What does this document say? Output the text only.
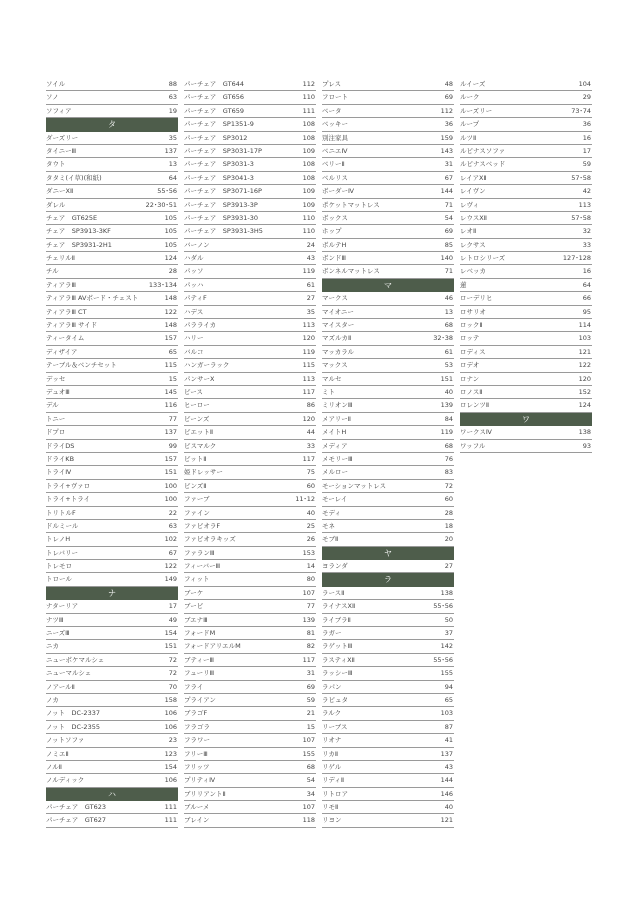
ソイル	88
ソノ	63
ソフィア	19
タ
ダーズリー	35
タイニーⅢ	137
タウト	13
タタミ(イ草)(和紙)	64
ダニーXⅡ	55･56
ダレル	22･30･51
チェア　GT625E	105
チェア　SP3913-3KF	105
チェア　SP3931-2H1	105
チェリルⅡ	124
チル	28
ティアラⅢ	133･134
ティアラⅢ AVボード・チェスト	148
ティアラⅢ CT	122
ティアラⅢ サイド	148
ティータイム	157
ディザイア	65
テーブル＆ベンチセット	115
デッセ	15
デュオⅢ	145
デル	116
トニー	77
ドプロ	137
ドライDS	99
ドライKB	157
トライⅣ	151
トライ+ヴァロ	100
トライ+トライ	100
トリトルF	22
ドルミール	63
トレノH	102
トレバリー	67
トレモロ	122
トロール	149
ナ
ナターリア	17
ナツⅢ	49
ニーズⅢ	154
ニカ	151
ニューボケマルシェ	72
ニューマルシェ	72
ノアールⅡ	70
ノカ	158
ノット　DC-2337	106
ノット　DC-2355	106
ノットソファ	23
ノミエⅡ	123
ノルⅡ	154
ノルディック	106
ハ
パーチェア　GT623	111
パーチェア　GT627	111
パーチェア　GT644	112
パーチェア　GT656	110
パーチェア　GT659	111
パーチェア　SP1351-9	108
パーチェア　SP3012	108
パーチェア　SP3031-17P	109
パーチェア　SP3031-3	108
パーチェア　SP3041-3	108
パーチェア　SP3071-16P	109
パーチェア　SP3913-3P	109
パーチェア　SP3931-30	110
パーチェア　SP3931-3H5	110
バーノン	24
ハダル	43
パッソ	119
パッハ	61
パティF	27
ハデス	35
パラライカ	113
ハリー	120
バルコ	119
ハンガーラック	115
パンサーX	113
ピース	117
ヒーロー	86
ピーンズ	120
ピエットⅡ	44
ピスマルク	33
ピットⅡ	117
姫ドレッサー	75
ピンズⅡ	60
ファーブ	11･12
ファイン	40
ファビオラF	25
ファビオラキッズ	26
ファランⅢ	153
フィーバーⅢ	14
フィット	80
ブーケ	107
ブービ	77
ブエナⅢ	139
フォードM	81
フォードアリエルM	82
ブティーⅢ	117
フューリⅢ	31
フライ	69
プライアン	59
ブラゴF	21
フラゴラ	15
フラワー	107
フリーⅢ	155
フリッツ	68
プリティⅣ	54
ブリリアントⅡ	34
ブルーメ	107
ブレイン	118
プレス	48
フロート	69
ベータ	112
ベッキー	36
別注家具	159
ベニエⅣ	143
ベリーⅡ	31
ベルリス	67
ボーダーⅣ	144
ポケットマットレス	71
ボックス	54
ホップ	69
ボルテH	85
ボンドⅢ	140
ボンネルマットレス	71
マ
マークス	46
マイオニー	13
マイスター	68
マズルカⅡ	32･38
マッカラル	61
マックス	53
マルセ	151
ミト	40
ミリオンⅢ	139
メアリーⅡ	84
メイトH	119
メディア	68
メモリーⅢ	76
メルロー	83
モーションマットレス	72
モーレイ	60
モディ	28
モネ	18
モブⅡ	20
ヤ
ヨランダ	27
ラ
ラースⅡ	138
ライナスXⅡ	55･56
ライブラⅡ	50
ラガー	37
ラゲットⅢ	142
ラスティXⅡ	55･56
ラッシーⅢ	155
ラパン	94
ラピュタ	65
ラルク	103
リーブス	87
リオナ	41
リカⅡ	137
リゲル	43
リディⅡ	144
リトロア	146
リモⅡ	40
リヨン	121
ルイーズ	104
ルーク	29
ルーズリー	73･74
ループ	36
ルツⅡ	16
ルピナスソファ	17
ルピナスベッド	59
レイアXⅡ	57･58
レイヴン	42
レヴィ	113
レウスXⅡ	57･58
レオⅡ	32
レクサス	33
レトロシリーズ	127･128
レベッカ	16
蓮	64
ローデリヒ	66
ロサリオ	95
ロックⅡ	114
ロッテ	103
ロディス	121
ロデオ	122
ロナン	120
ロノスⅡ	152
ロレンツⅡ	124
ワ
ワークスⅣ	138
ワッフル	93
